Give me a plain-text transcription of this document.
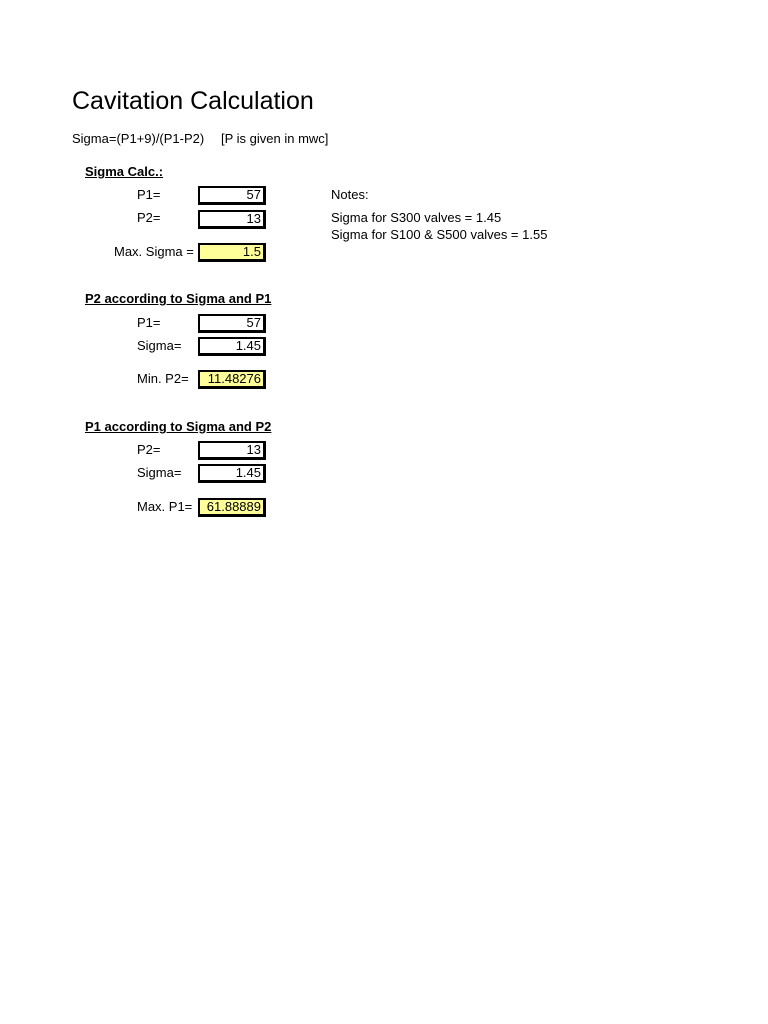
Cavitation Calculation
Sigma=(P1+9)/(P1-P2) [P is given in mwc]
Sigma Calc.:
P1=	57
P2=	13
Max. Sigma =	1.5
Notes:
Sigma for S300 valves = 1.45
Sigma for S100 & S500 valves = 1.55
P2 according to Sigma and P1
P1=	57
Sigma=	1.45
Min. P2=	11.48276
P1 according to Sigma and P2
P2=	13
Sigma=	1.45
Max. P1=	61.88889
